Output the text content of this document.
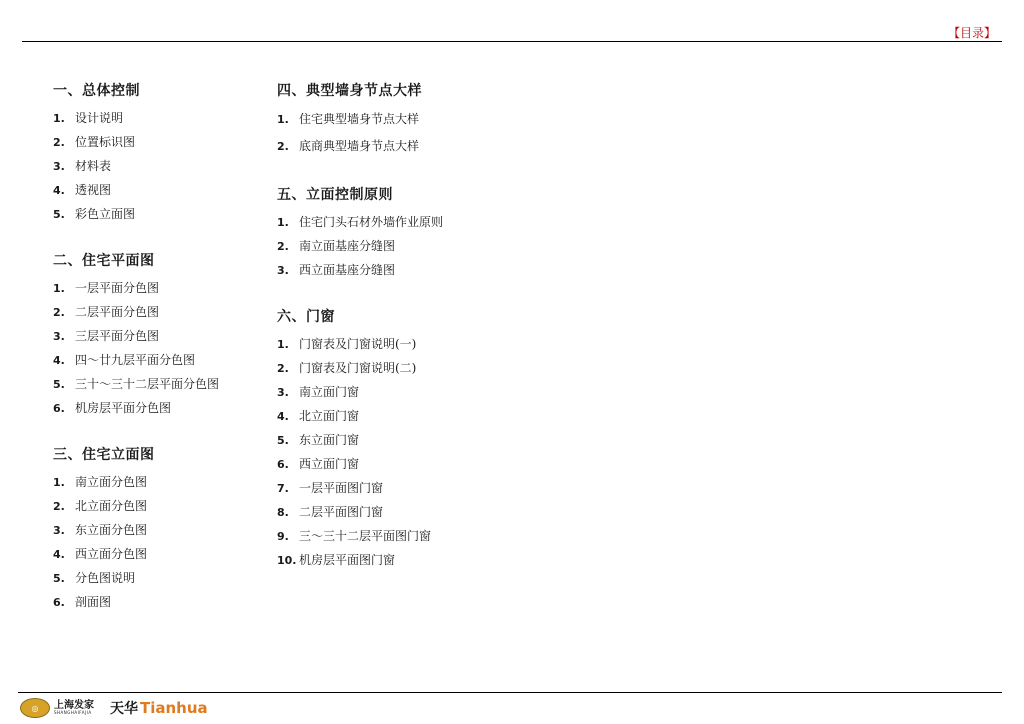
【目录】
一、总体控制
1. 设计说明
2. 位置标识图
3. 材料表
4. 透视图
5. 彩色立面图
二、住宅平面图
1. 一层平面分色图
2. 二层平面分色图
3. 三层平面分色图
4. 四～廿九层平面分色图
5. 三十～三十二层平面分色图
6. 机房层平面分色图
三、住宅立面图
1. 南立面分色图
2. 北立面分色图
3. 东立面分色图
4. 西立面分色图
5. 分色图说明
6. 剖面图
四、典型墙身节点大样
1. 住宅典型墙身节点大样
2. 底商典型墙身节点大样
五、立面控制原则
1. 住宅门头石材外墙作业原则
2. 南立面基座分缝图
3. 西立面基座分缝图
六、门窗
1. 门窗表及门窗说明(一)
2. 门窗表及门窗说明(二)
3. 南立面门窗
4. 北立面门窗
5. 东立面门窗
6. 西立面门窗
7. 一层平面图门窗
8. 二层平面图门窗
9. 三～三十二层平面图门窗
10. 机房层平面图门窗
◎	上海发家
SHANGHAIFAJIA 天华 Tianhua
